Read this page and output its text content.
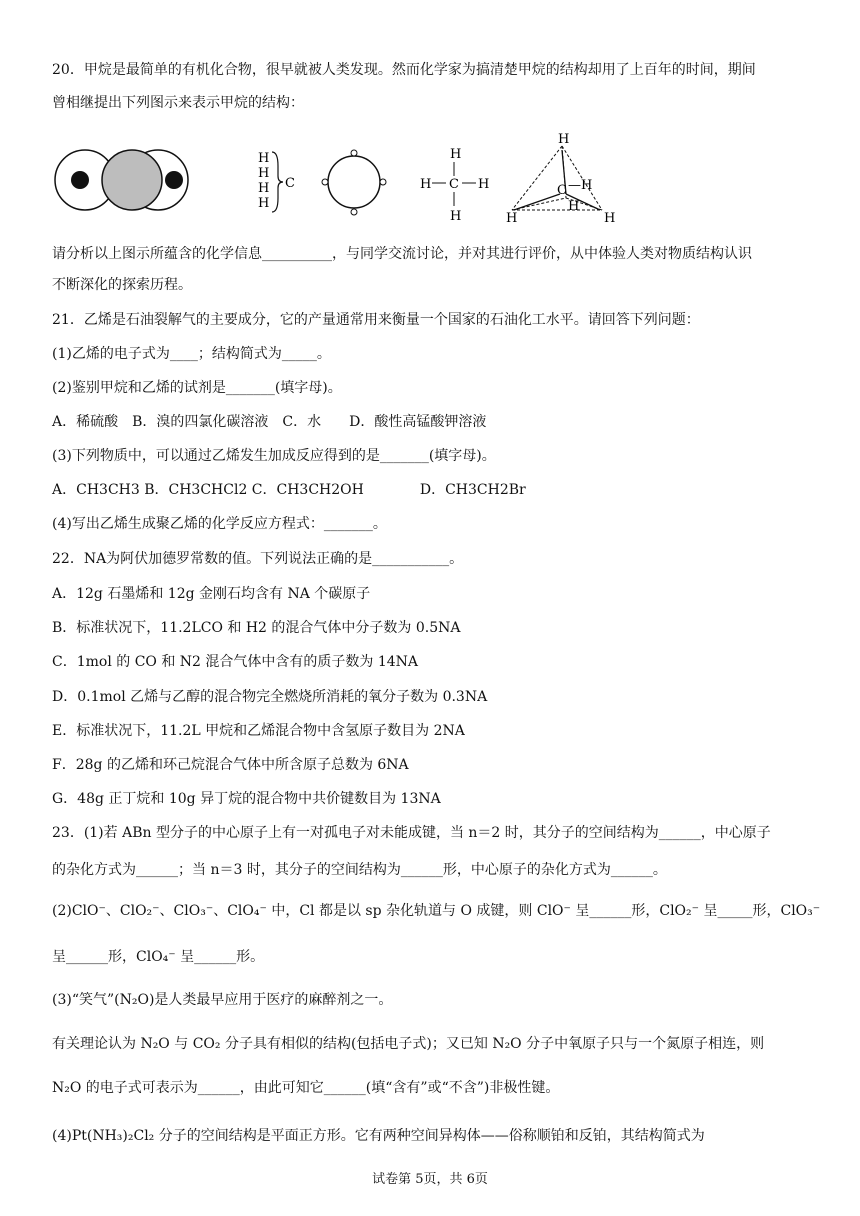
20．甲烷是最简单的有机化合物，很早就被人类发现。然而化学家为搞清楚甲烷的结构却用了上百年的时间，期间
曾相继提出下列图示来表示甲烷的结构：
H
H
H
H
C
H
H C H
H
H
C —H
H
H
H
请分析以上图示所蕴含的化学信息__________，与同学交流讨论，并对其进行评价，从中体验人类对物质结构认识
不断深化的探索历程。
21．乙烯是石油裂解气的主要成分，它的产量通常用来衡量一个国家的石油化工水平。请回答下列问题：
(1)乙烯的电子式为____；结构简式为_____。
(2)鉴别甲烷和乙烯的试剂是_______(填字母)。
A．稀硫酸　B．溴的四氯化碳溶液　C．水　　D．酸性高锰酸钾溶液
(3)下列物质中，可以通过乙烯发生加成反应得到的是_______(填字母)。
A．CH3CH3 B．CH3CHCl2 C．CH3CH2OH　　　　D．CH3CH2Br
(4)写出乙烯生成聚乙烯的化学反应方程式：_______。
22．NA为阿伏加德罗常数的值。下列说法正确的是___________。
A．12g 石墨烯和 12g 金刚石均含有 NA 个碳原子
B．标准状况下，11.2LCO 和 H2 的混合气体中分子数为 0.5NA
C．1mol 的 CO 和 N2 混合气体中含有的质子数为 14NA
D．0.1mol 乙烯与乙醇的混合物完全燃烧所消耗的氧分子数为 0.3NA
E．标准状况下，11.2L 甲烷和乙烯混合物中含氢原子数目为 2NA
F．28g 的乙烯和环己烷混合气体中所含原子总数为 6NA
G．48g 正丁烷和 10g 异丁烷的混合物中共价键数目为 13NA
23．(1)若 ABn 型分子的中心原子上有一对孤电子对未能成键，当 n＝2 时，其分子的空间结构为______，中心原子
的杂化方式为______；当 n＝3 时，其分子的空间结构为______形，中心原子的杂化方式为______。
(2)ClO⁻、ClO₂⁻、ClO₃⁻、ClO₄⁻ 中，Cl 都是以 sp 杂化轨道与 O 成键，则 ClO⁻ 呈______形，ClO₂⁻ 呈_____形，ClO₃⁻
呈______形，ClO₄⁻ 呈______形。
(3)“笑气”(N₂O)是人类最早应用于医疗的麻醉剂之一。
有关理论认为 N₂O 与 CO₂ 分子具有相似的结构(包括电子式)；又已知 N₂O 分子中氧原子只与一个氮原子相连，则
N₂O 的电子式可表示为______，由此可知它______(填“含有”或“不含”)非极性键。
(4)Pt(NH₃)₂Cl₂ 分子的空间结构是平面正方形。它有两种空间异构体——俗称顺铂和反铂，其结构简式为
试卷第 5页，共 6页
